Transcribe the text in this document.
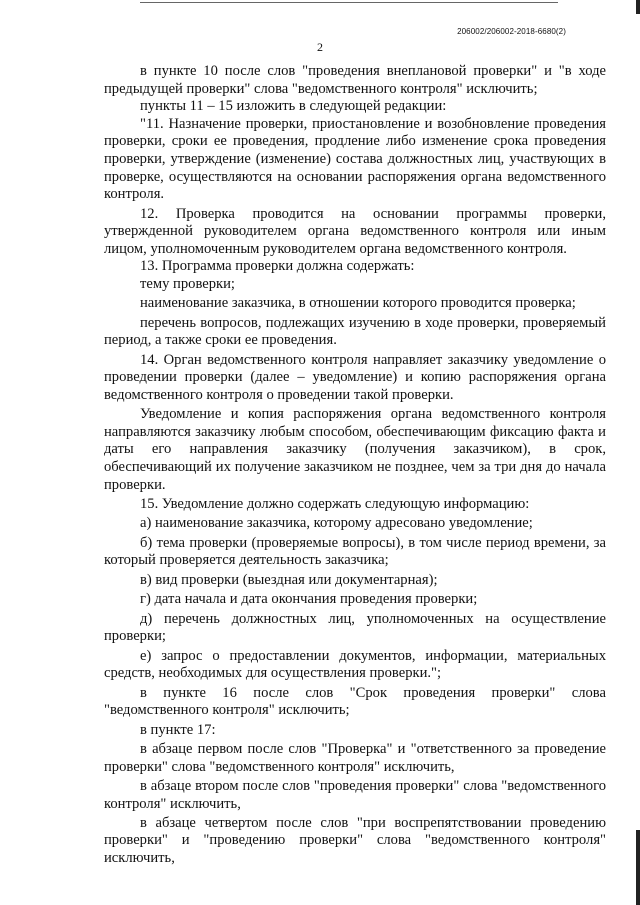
206002/206002-2018-6680(2)
2

в пункте 10 после слов "проведения внеплановой проверки" и "в ходе предыдущей проверки" слова "ведомственного контроля" исключить;

пункты 11 – 15 изложить в следующей редакции:

"11. Назначение проверки, приостановление и возобновление проведения проверки, сроки ее проведения, продление либо изменение срока проведения проверки, утверждение (изменение) состава должностных лиц, участвующих в проверке, осуществляются на основании распоряжения органа ведомственного контроля.

12. Проверка проводится на основании программы проверки, утвержденной руководителем органа ведомственного контроля или иным лицом, уполномоченным руководителем органа ведомственного контроля.

13. Программа проверки должна содержать:

тему проверки;

наименование заказчика, в отношении которого проводится проверка;

перечень вопросов, подлежащих изучению в ходе проверки, проверяемый период, а также сроки ее проведения.

14. Орган ведомственного контроля направляет заказчику уведомление о проведении проверки (далее – уведомление) и копию распоряжения органа ведомственного контроля о проведении такой проверки.

Уведомление и копия распоряжения органа ведомственного контроля направляются заказчику любым способом, обеспечивающим фиксацию факта и даты его направления заказчику (получения заказчиком), в срок, обеспечивающий их получение заказчиком не позднее, чем за три дня до начала проверки.

15. Уведомление должно содержать следующую информацию:

а) наименование заказчика, которому адресовано уведомление;

б) тема проверки (проверяемые вопросы), в том числе период времени, за который проверяется деятельность заказчика;

в) вид проверки (выездная или документарная);

г) дата начала и дата окончания проведения проверки;

д) перечень должностных лиц, уполномоченных на осуществление проверки;

е) запрос о предоставлении документов, информации, материальных средств, необходимых для осуществления проверки.";

в пункте 16 после слов "Срок проведения проверки" слова "ведомственного контроля" исключить;

в пункте 17:

в абзаце первом после слов "Проверка" и "ответственного за проведение проверки" слова "ведомственного контроля" исключить,

в абзаце втором после слов "проведения проверки" слова "ведомственного контроля" исключить,

в абзаце четвертом после слов "при воспрепятствовании проведению проверки" и "проведению проверки" слова "ведомственного контроля" исключить,
